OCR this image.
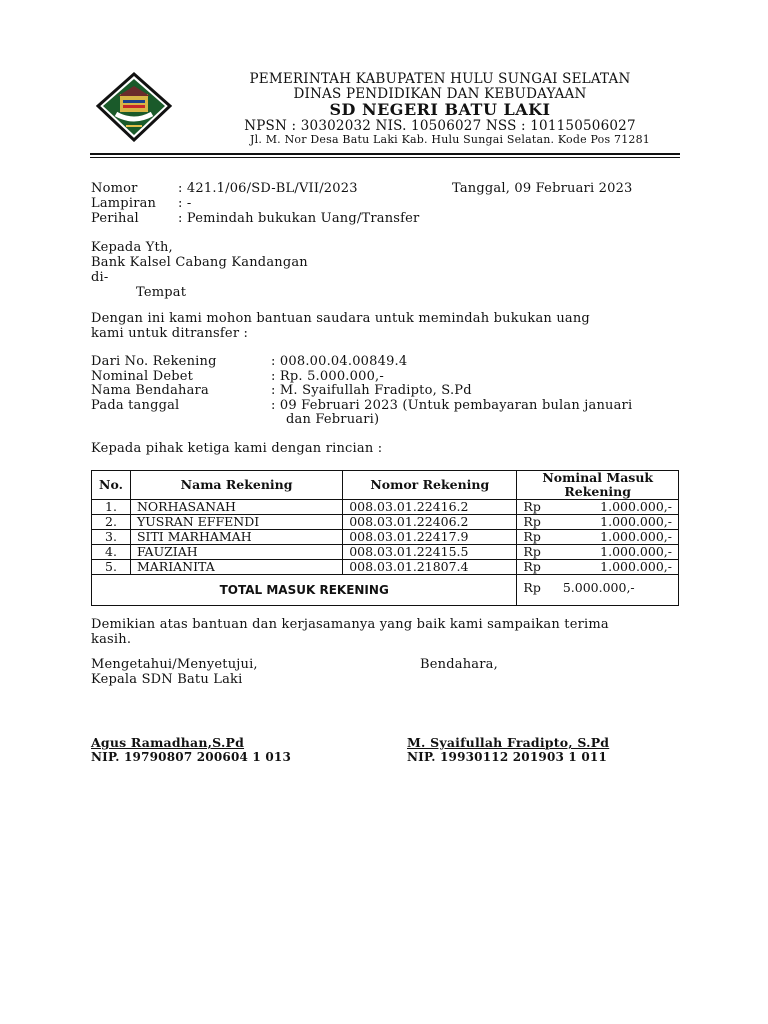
PEMERINTAH KABUPATEN HULU SUNGAI SELATAN
DINAS PENDIDIKAN DAN KEBUDAYAAN
SD NEGERI BATU LAKI
NPSN : 30302032 NIS. 10506027 NSS : 101150506027
Jl. M. Nor Desa Batu Laki Kab. Hulu Sungai Selatan. Kode Pos 71281
Nomor	: 421.1/06/SD-BL/VII/2023	Tanggal, 09 Februari 2023
Lampiran : -
Perihal	: Pemindah bukukan Uang/Transfer
Kepada Yth,
Bank Kalsel Cabang Kandangan
di-
Tempat
Dengan ini kami mohon bantuan saudara untuk memindah bukukan uang
kami untuk ditransfer :
Dari No. Rekening	: 008.00.04.00849.4
Nominal Debet	: Rp. 5.000.000,-
Nama Bendahara	: M. Syaifullah Fradipto, S.Pd
Pada tanggal	: 09 Februari 2023 (Untuk pembayaran bulan januari
dan Februari)
Kepada pihak ketiga kami dengan rincian :
No.	Nama Rekening	Nomor Rekening	Nominal Masuk Rekening
1.	NORHASANAH	008.03.01.22416.2	Rp 1.000.000,-

2.	YUSRAN EFFENDI	008.03.01.22406.2	Rp 1.000.000,-

3.	SITI MARHAMAH	008.03.01.22417.9	Rp 1.000.000,-

4.	FAUZIAH	008.03.01.22415.5	Rp 1.000.000,-

5.	MARIANITA	008.03.01.21807.4	Rp 1.000.000,-

TOTAL MASUK REKENING			Rp 5.000.000,-
Demikian atas bantuan dan kerjasamanya yang baik kami sampaikan terima
kasih.
Mengetahui/Menyetujui,
Kepala SDN Batu Laki
Bendahara,
Agus Ramadhan,S.Pd
NIP. 19790807 200604 1 013
M. Syaifullah Fradipto, S.Pd
NIP. 19930112 201903 1 011
